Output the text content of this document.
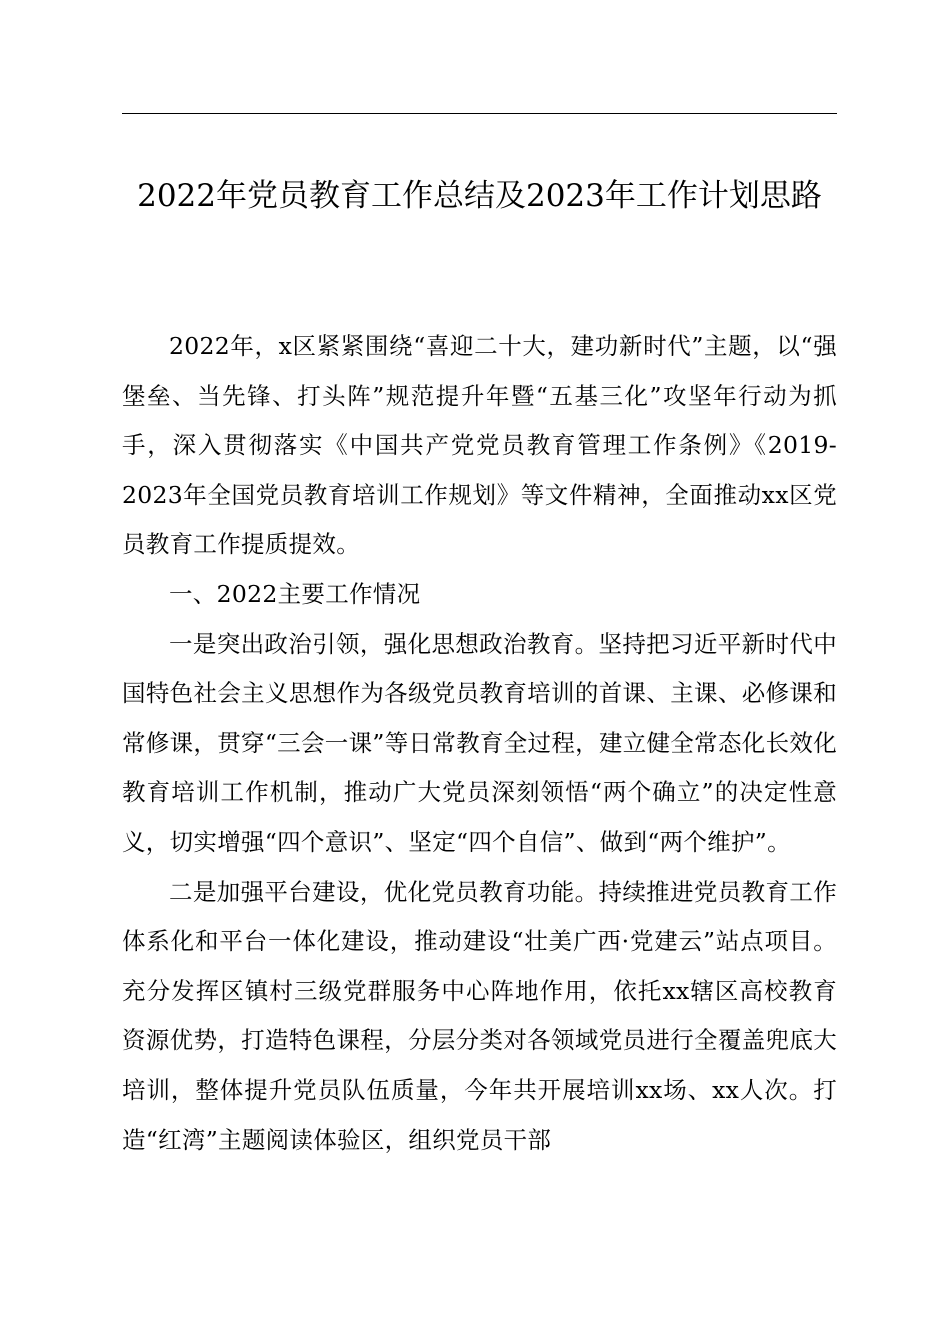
2022年党员教育工作总结及2023年工作计划思路

2022年，x区紧紧围绕“喜迎二十大，建功新时代”主题，以“强堡垒、当先锋、打头阵”规范提升年暨“五基三化”攻坚年行动为抓手，深入贯彻落实《中国共产党党员教育管理工作条例》《2019-2023年全国党员教育培训工作规划》等文件精神，全面推动xx区党员教育工作提质提效。

一、2022主要工作情况

一是突出政治引领，强化思想政治教育。坚持把习近平新时代中国特色社会主义思想作为各级党员教育培训的首课、主课、必修课和常修课，贯穿“三会一课”等日常教育全过程，建立健全常态化长效化教育培训工作机制，推动广大党员深刻领悟“两个确立”的决定性意义，切实增强“四个意识”、坚定“四个自信”、做到“两个维护”。

二是加强平台建设，优化党员教育功能。持续推进党员教育工作体系化和平台一体化建设，推动建设“壮美广西·党建云”站点项目。充分发挥区镇村三级党群服务中心阵地作用，依托xx辖区高校教育资源优势，打造特色课程，分层分类对各领域党员进行全覆盖兜底大培训，整体提升党员队伍质量，今年共开展培训xx场、xx人次。打造“红湾”主题阅读体验区，组织党员干部
